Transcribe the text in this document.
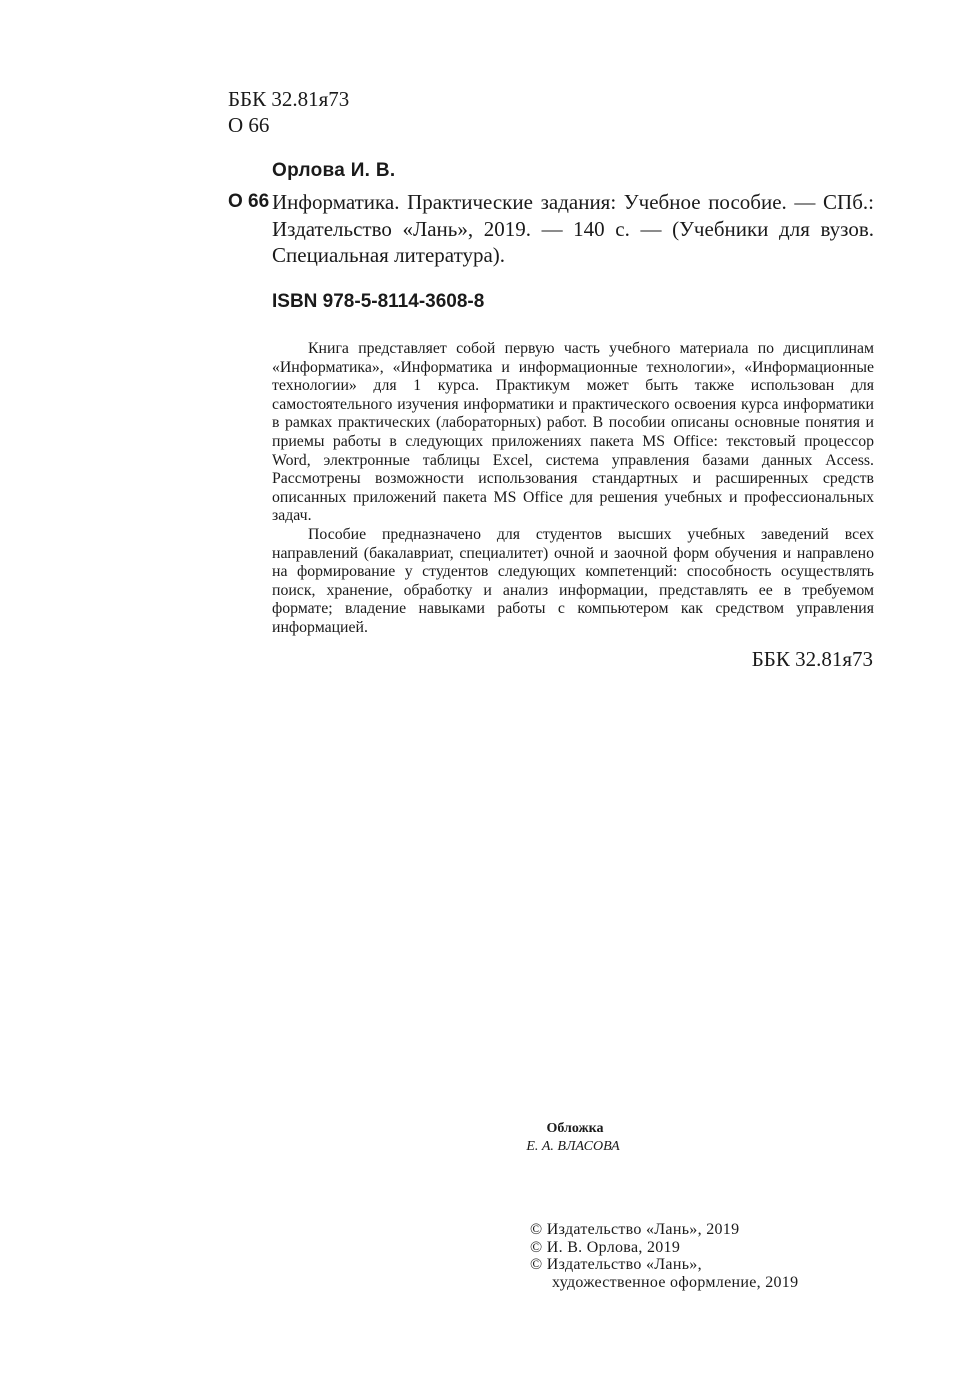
ББК 32.81я73
О 66
Орлова И. В.
О 66 Информатика. Практические задания: Учебное пособие. — СПб.: Издательство «Лань», 2019. — 140 с. — (Учебники для вузов. Специальная литература).
ISBN 978-5-8114-3608-8

Книга представляет собой первую часть учебного материала по дисциплинам «Информатика», «Информатика и информационные технологии», «Информационные технологии» для 1 курса. Практикум может быть также использован для самостоятельного изучения информатики и практического освоения курса информатики в рамках практических (лабораторных) работ. В пособии описаны основные понятия и приемы работы в следующих приложениях пакета MS Office: текстовый процессор Word, электронные таблицы Excel, система управления базами данных Access. Рассмотрены возможности использования стандартных и расширенных средств описанных приложений пакета MS Office для решения учебных и профессиональных задач.

Пособие предназначено для студентов высших учебных заведений всех направлений (бакалавриат, специалитет) очной и заочной форм обучения и направлено на формирование у студентов следующих компетенций: способность осуществлять поиск, хранение, обработку и анализ информации, представлять ее в требуемом формате; владение навыками работы с компьютером как средством управления информацией.

ББК 32.81я73
Обложка
Е. А. ВЛАСОВА
© Издательство «Лань», 2019
© И. В. Орлова, 2019
© Издательство «Лань»,
художественное оформление, 2019
